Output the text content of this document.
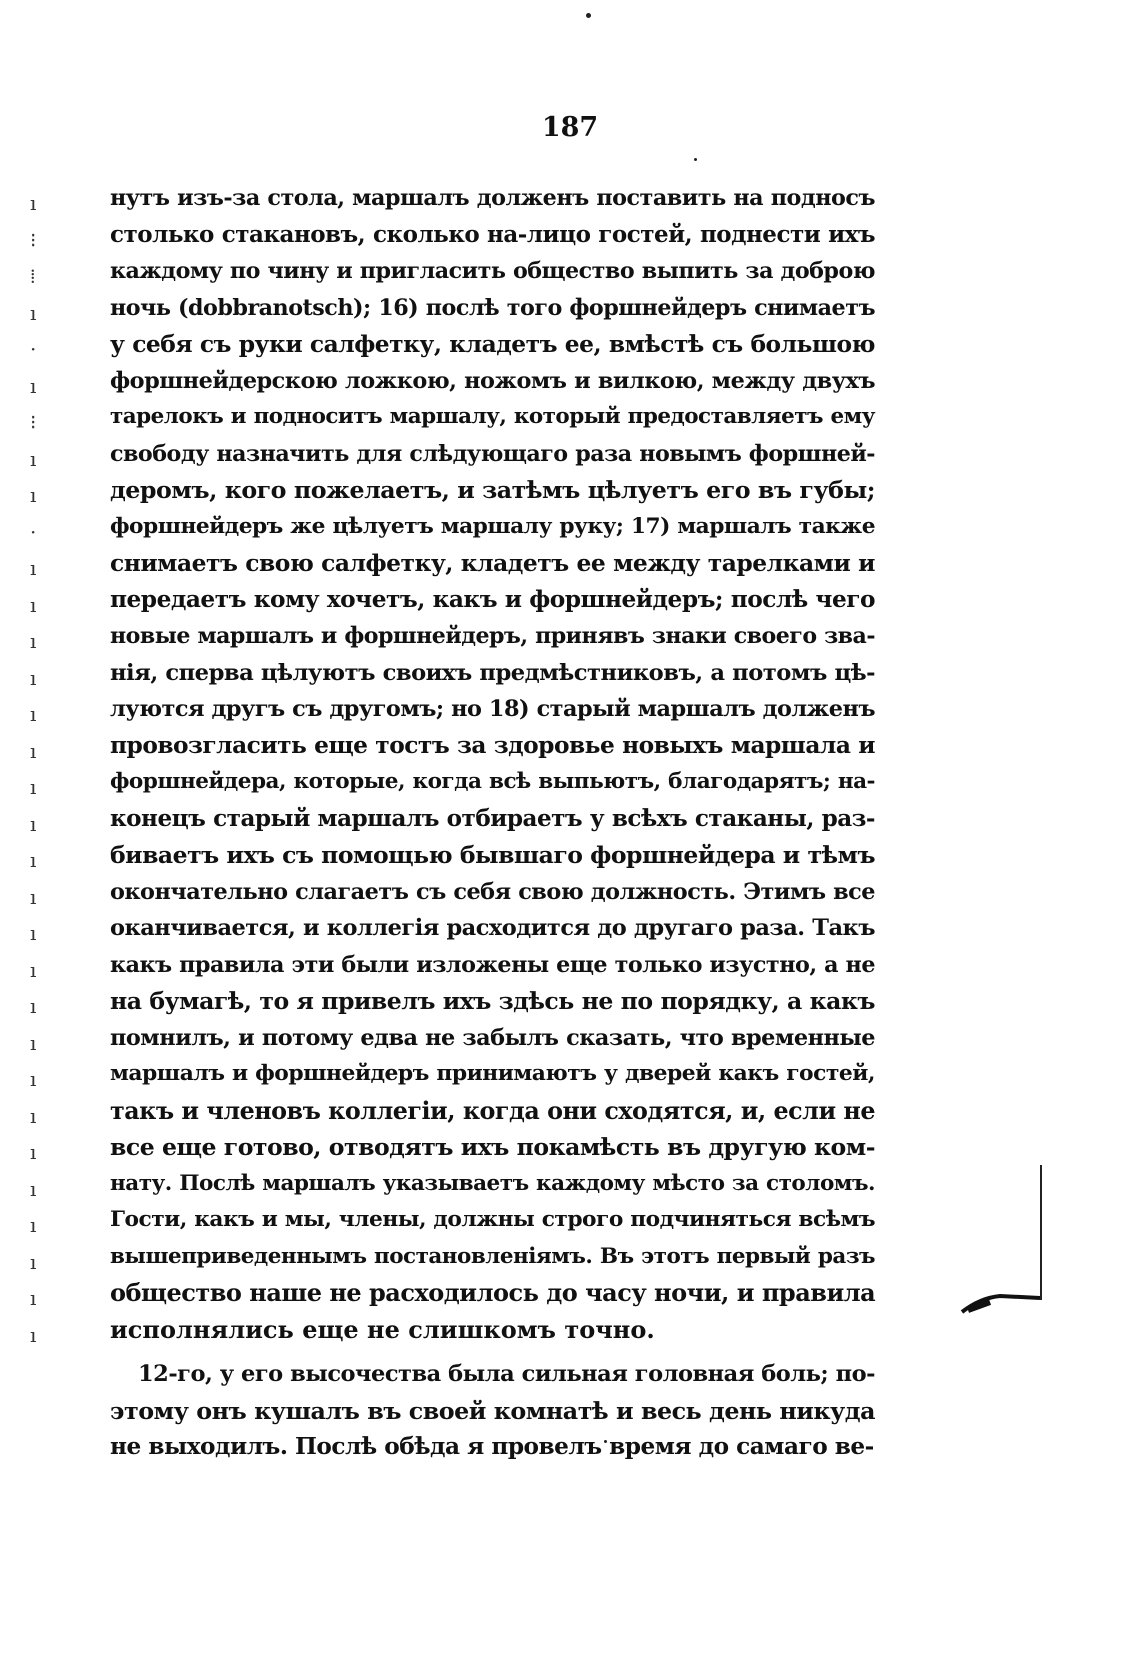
187
ı
⁝
⁞
ı
·
ı
⁝
ı
ı
·
ı
ı
ı
ı
ı
ı
ı
ı
ı
ı
ı
ı
ı
ı
ı
ı
ı
ı
ı
ı
ı
ı
нутъ изъ-за стола, маршалъ долженъ поставить на подносъ
столько стакановъ, сколько на-лицо гостей, поднести ихъ
каждому по чину и пригласить общество выпить за доброю
ночь (dobbranotsch); 16) послѣ того форшнейдеръ снимаетъ
у себя съ руки салфетку, кладетъ ее, вмѣстѣ съ большою
форшнейдерскою ложкою, ножомъ и вилкою, между двухъ
тарелокъ и подноситъ маршалу, который предоставляетъ ему
свободу назначить для слѣдующаго раза новымъ форшней-
деромъ, кого пожелаетъ, и затѣмъ цѣлуетъ его въ губы;
форшнейдеръ же цѣлуетъ маршалу руку; 17) маршалъ также
снимаетъ свою салфетку, кладетъ ее между тарелками и
передаетъ кому хочетъ, какъ и форшнейдеръ; послѣ чего
новые маршалъ и форшнейдеръ, принявъ знаки своего зва-
нія, сперва цѣлуютъ своихъ предмѣстниковъ, а потомъ цѣ-
луются другъ съ другомъ; но 18) старый маршалъ долженъ
провозгласить еще тостъ за здоровье новыхъ маршала и
форшнейдера, которые, когда всѣ выпьютъ, благодарятъ; на-
конецъ старый маршалъ отбираетъ у всѣхъ стаканы, раз-
биваетъ ихъ съ помощью бывшаго форшнейдера и тѣмъ
окончательно слагаетъ съ себя свою должность. Этимъ все
оканчивается, и коллегія расходится до другаго раза. Такъ
какъ правила эти были изложены еще только изустно, а не
на бумагѣ, то я привелъ ихъ здѣсь не по порядку, а какъ
помнилъ, и потому едва не забылъ сказать, что временные
маршалъ и форшнейдеръ принимаютъ у дверей какъ гостей,
такъ и членовъ коллегіи, когда они сходятся, и, если не
все еще готово, отводятъ ихъ покамѣсть въ другую ком-
нату. Послѣ маршалъ указываетъ каждому мѣсто за столомъ.
Гости, какъ и мы, члены, должны строго подчиняться всѣмъ
вышеприведеннымъ постановленіямъ. Въ этотъ первый разъ
общество наше не расходилось до часу ночи, и правила
исполнялись еще не слишкомъ точно.
12-го, у его высочества была сильная головная боль; по-
этому онъ кушалъ въ своей комнатѣ и весь день никуда
не выходилъ. Послѣ обѣда я провелъ время до самаго ве-
